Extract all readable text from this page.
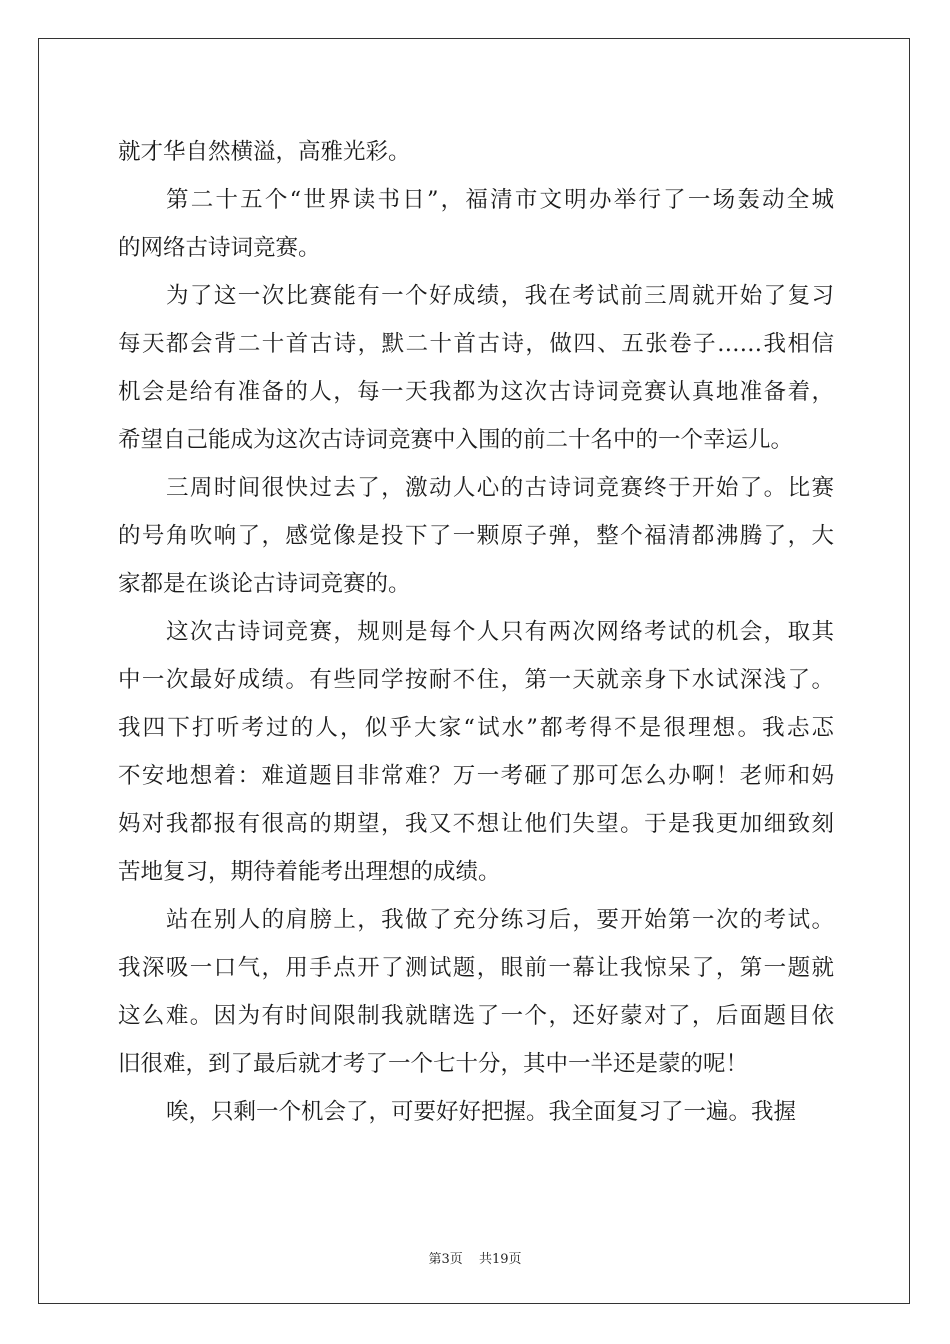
就才华自然横溢，高雅光彩。
第二十五个“世界读书日”，福清市文明办举行了一场轰动全城
的网络古诗词竞赛。
为了这一次比赛能有一个好成绩，我在考试前三周就开始了复习
每天都会背二十首古诗，默二十首古诗，做四、五张卷子……我相信
机会是给有准备的人，每一天我都为这次古诗词竞赛认真地准备着，
希望自己能成为这次古诗词竞赛中入围的前二十名中的一个幸运儿。
三周时间很快过去了，激动人心的古诗词竞赛终于开始了。比赛
的号角吹响了，感觉像是投下了一颗原子弹，整个福清都沸腾了，大
家都是在谈论古诗词竞赛的。
这次古诗词竞赛，规则是每个人只有两次网络考试的机会，取其
中一次最好成绩。有些同学按耐不住，第一天就亲身下水试深浅了。
我四下打听考过的人，似乎大家“试水”都考得不是很理想。我忐忑
不安地想着：难道题目非常难？万一考砸了那可怎么办啊！老师和妈
妈对我都报有很高的期望，我又不想让他们失望。于是我更加细致刻
苦地复习，期待着能考出理想的成绩。
站在别人的肩膀上，我做了充分练习后，要开始第一次的考试。
我深吸一口气，用手点开了测试题，眼前一幕让我惊呆了，第一题就
这么难。因为有时间限制我就瞎选了一个，还好蒙对了，后面题目依
旧很难，到了最后就才考了一个七十分，其中一半还是蒙的呢！
唉，只剩一个机会了，可要好好把握。我全面复习了一遍。我握
第3页 共19页
